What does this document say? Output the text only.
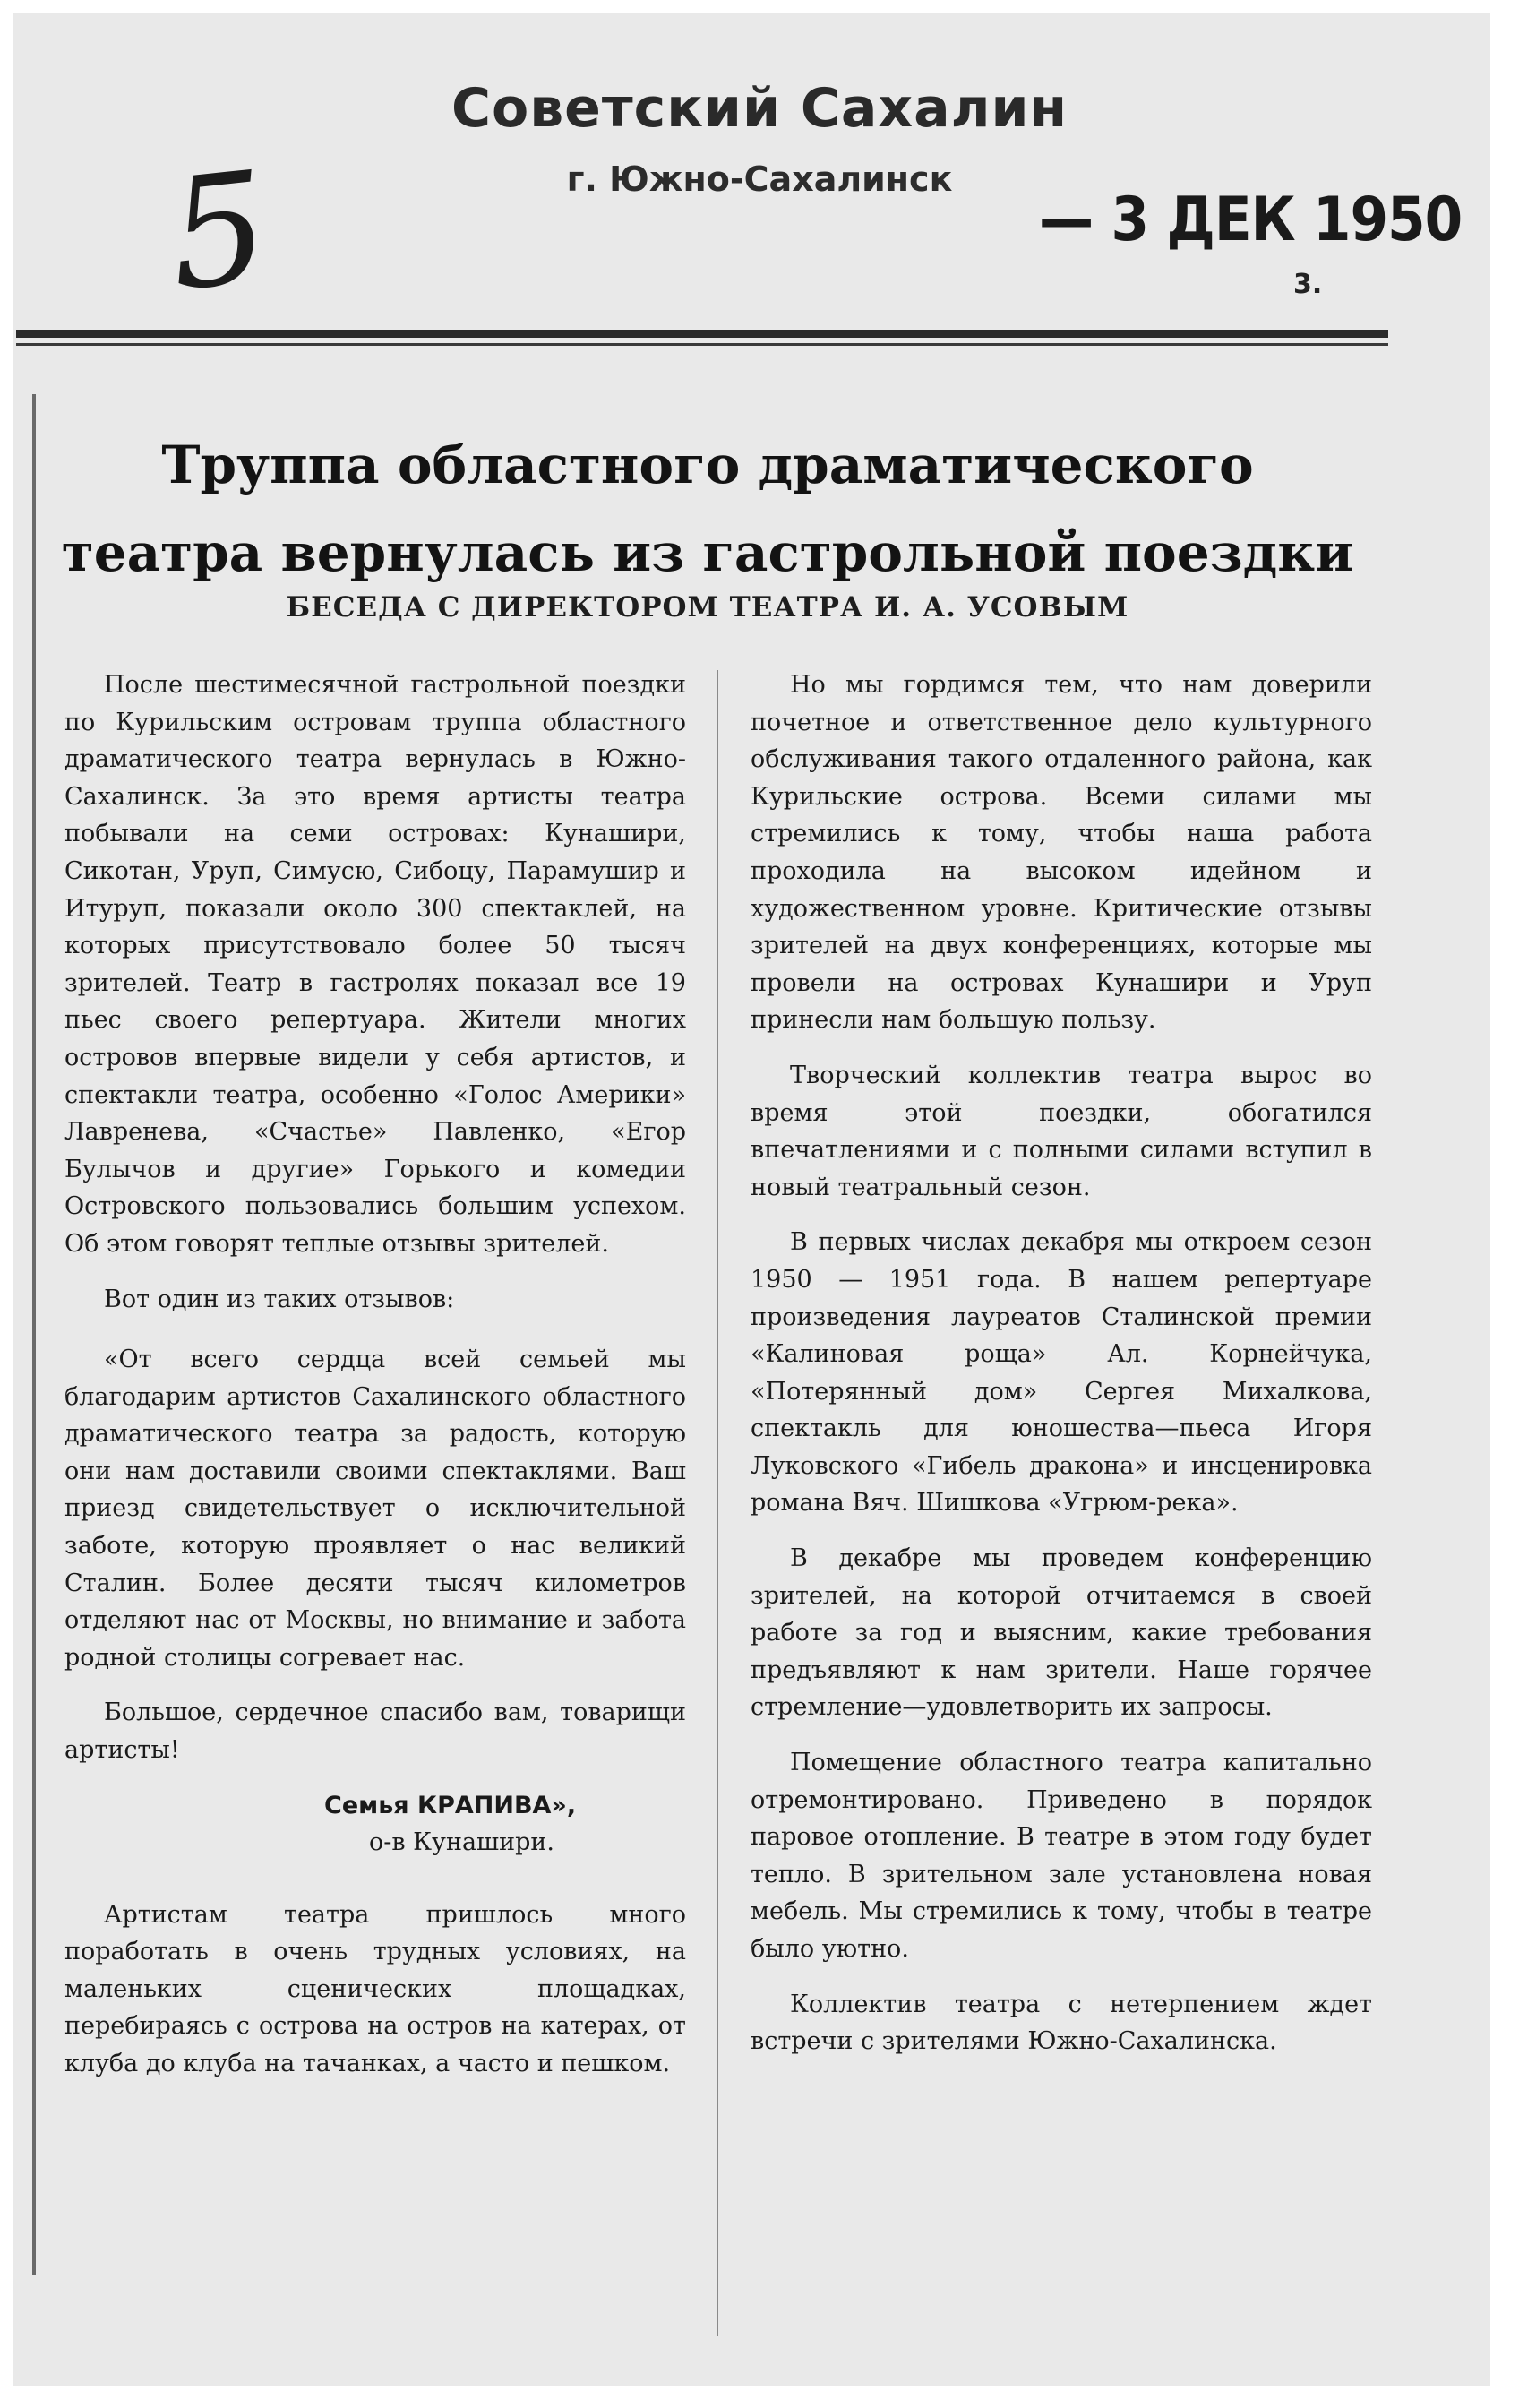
5
Советский Сахалин
г. Южно-Сахалинск
— 3 ДЕК 1950
3.
Труппа областного драматического
театра вернулась из гастрольной поездки
БЕСЕДА С ДИРЕКТОРОМ ТЕАТРА И. А. УСОВЫМ

После шестимесячной гастрольной поездки по Курильским островам труппа областного драматического театра вернулась в Южно-Сахалинск. За это время артисты театра побывали на семи островах: Кунашири, Сикотан, Уруп, Симусю, Сибоцу, Парамушир и Итуруп, показали около 300 спектаклей, на которых присутствовало более 50 тысяч зрителей. Театр в гастролях показал все 19 пьес своего репертуара. Жители многих островов впервые видели у себя артистов, и спектакли театра, особенно «Голос Америки» Лавренева, «Счастье» Павленко, «Егор Булычов и другие» Горького и комедии Островского пользовались большим успехом. Об этом говорят теплые отзывы зрителей.

Вот один из таких отзывов:

«От всего сердца всей семьей мы благодарим артистов Сахалинского областного драматического театра за радость, которую они нам доставили своими спектаклями. Ваш приезд свидетельствует о исключительной заботе, которую проявляет о нас великий Сталин. Более десяти тысяч километров отделяют нас от Москвы, но внимание и забота родной столицы согревает нас.

Большое, сердечное спасибо вам, товарищи артисты!

Семья КРАПИВА»,
о-в Кунашири.

Артистам театра пришлось много поработать в очень трудных условиях, на маленьких сценических площадках, перебираясь с острова на остров на катерах, от клуба до клуба на тачанках, а часто и пешком.

Но мы гордимся тем, что нам доверили почетное и ответственное дело культурного обслуживания такого отдаленного района, как Курильские острова. Всеми силами мы стремились к тому, чтобы наша работа проходила на высоком идейном и художественном уровне. Критические отзывы зрителей на двух конференциях, которые мы провели на островах Кунашири и Уруп принесли нам большую пользу.

Творческий коллектив театра вырос во время этой поездки, обогатился впечатлениями и с полными силами вступил в новый театральный сезон.

В первых числах декабря мы откроем сезон 1950 — 1951 года. В нашем репертуаре произведения лауреатов Сталинской премии «Калиновая роща» Ал. Корнейчука, «Потерянный дом» Сергея Михалкова, спектакль для юношества—пьеса Игоря Луковского «Гибель дракона» и инсценировка романа Вяч. Шишкова «Угрюм-река».

В декабре мы проведем конференцию зрителей, на которой отчитаемся в своей работе за год и выясним, какие требования предъявляют к нам зрители. Наше горячее стремление—удовлетворить их запросы.

Помещение областного театра капитально отремонтировано. Приведено в порядок паровое отопление. В театре в этом году будет тепло. В зрительном зале установлена новая мебель. Мы стремились к тому, чтобы в театре было уютно.

Коллектив театра с нетерпением ждет встречи с зрителями Южно-Сахалинска.
